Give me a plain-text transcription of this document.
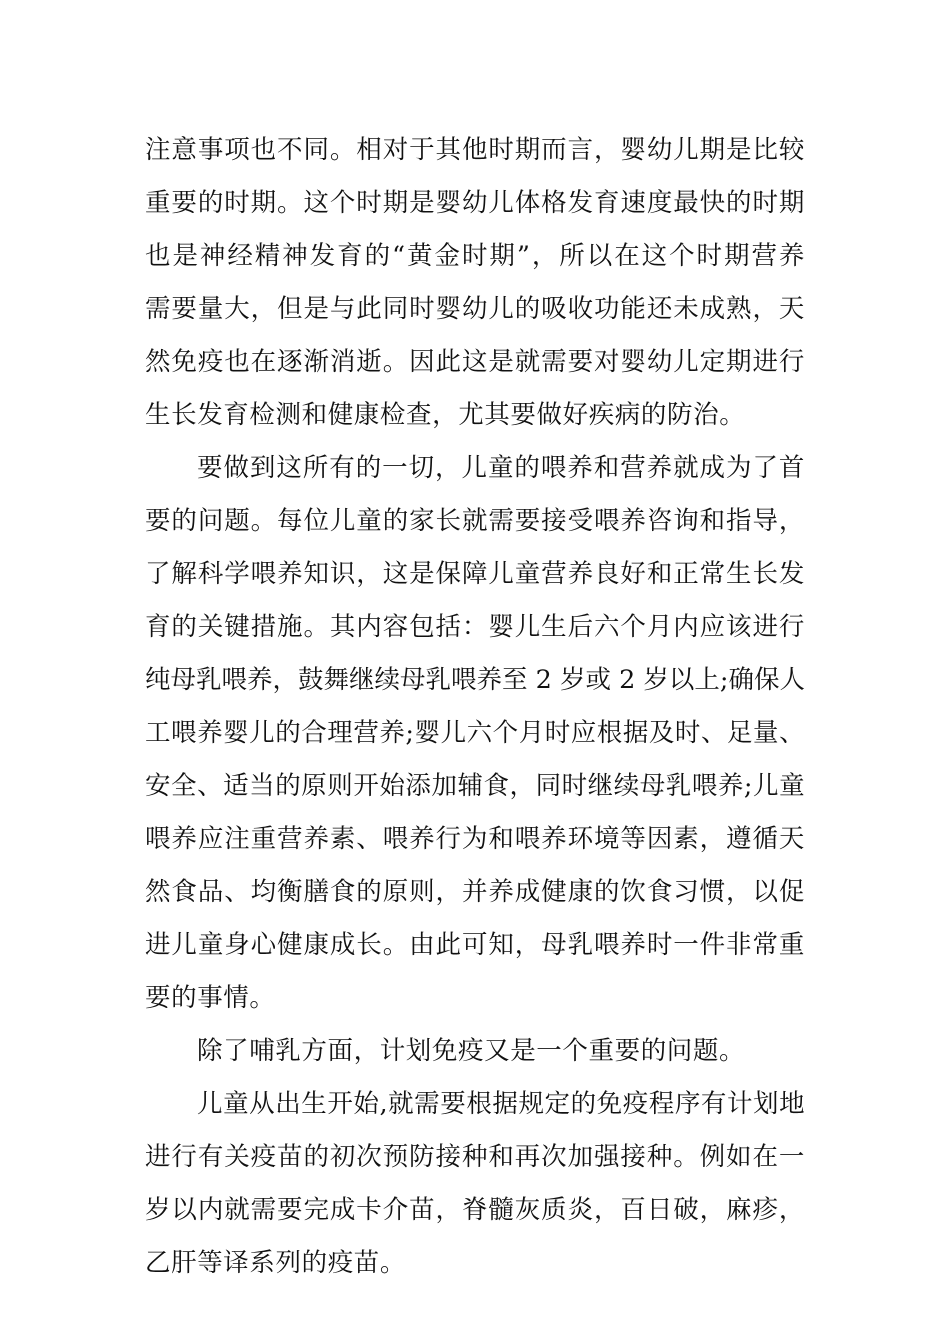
注意事项也不同。相对于其他时期而言，婴幼儿期是比较
重要的时期。这个时期是婴幼儿体格发育速度最快的时期
也是神经精神发育的“黄金时期”，所以在这个时期营养
需要量大，但是与此同时婴幼儿的吸收功能还未成熟，天
然免疫也在逐渐消逝。因此这是就需要对婴幼儿定期进行
生长发育检测和健康检查，尤其要做好疾病的防治。
要做到这所有的一切，儿童的喂养和营养就成为了首
要的问题。每位儿童的家长就需要接受喂养咨询和指导，
了解科学喂养知识，这是保障儿童营养良好和正常生长发
育的关键措施。其内容包括：婴儿生后六个月内应该进行
纯母乳喂养，鼓舞继续母乳喂养至 2 岁或 2 岁以上;确保人
工喂养婴儿的合理营养;婴儿六个月时应根据及时、足量、
安全、适当的原则开始添加辅食，同时继续母乳喂养;儿童
喂养应注重营养素、喂养行为和喂养环境等因素，遵循天
然食品、均衡膳食的原则，并养成健康的饮食习惯，以促
进儿童身心健康成长。由此可知，母乳喂养时一件非常重
要的事情。
除了哺乳方面，计划免疫又是一个重要的问题。
儿童从出生开始,就需要根据规定的免疫程序有计划地
进行有关疫苗的初次预防接种和再次加强接种。例如在一
岁以内就需要完成卡介苗，脊髓灰质炎，百日破，麻疹，
乙肝等译系列的疫苗。
